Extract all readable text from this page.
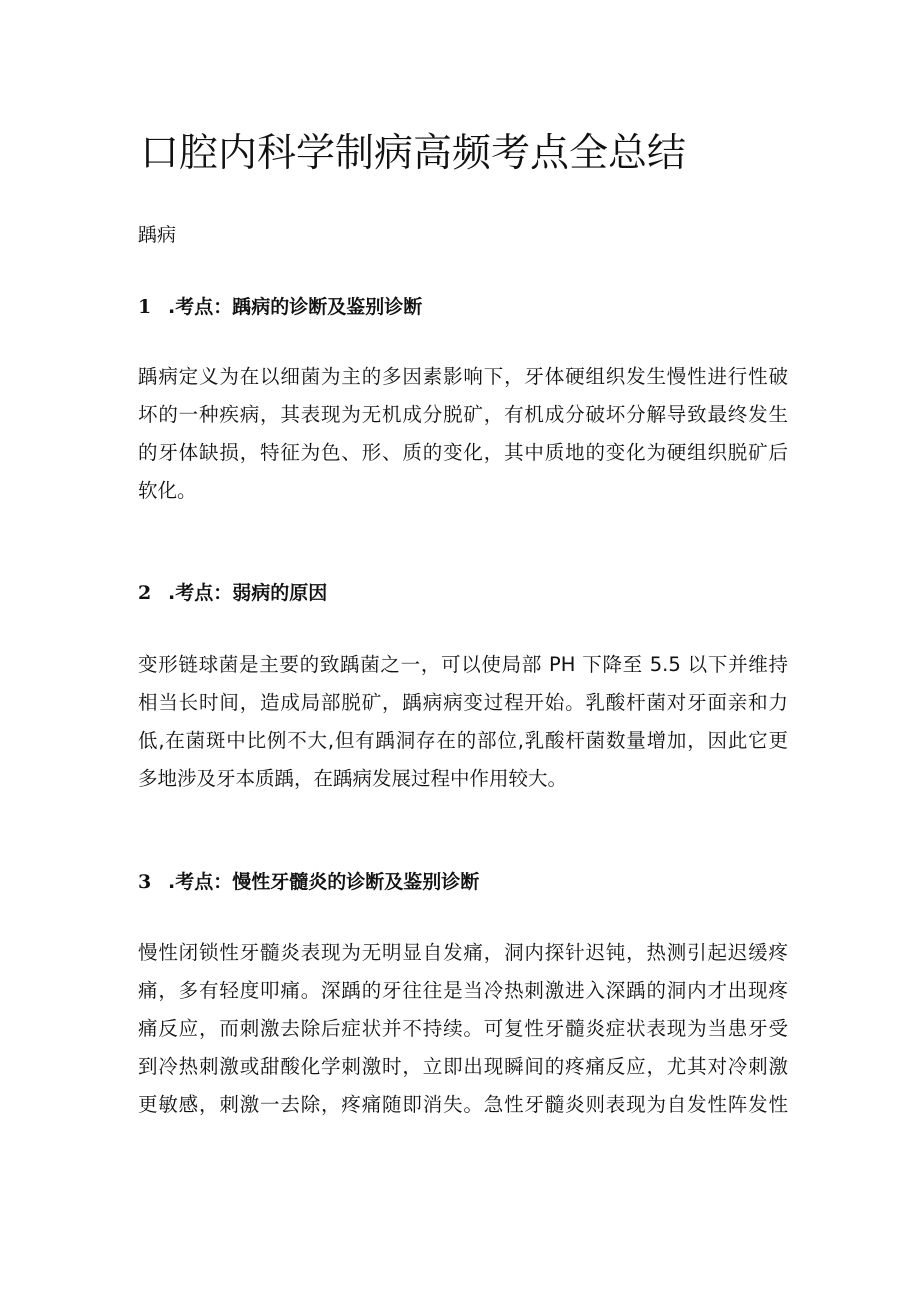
口腔内科学制病高频考点全总结
踽病
1 .考点：踽病的诊断及鉴别诊断
踽病定义为在以细菌为主的多因素影响下，牙体硬组织发生慢性进行性破
坏的一种疾病，其表现为无机成分脱矿，有机成分破坏分解导致最终发生
的牙体缺损，特征为色、形、质的变化，其中质地的变化为硬组织脱矿后
软化。
2 .考点：弱病的原因
变形链球菌是主要的致踽菌之一，可以使局部 PH 下降至 5.5 以下并维持
相当长时间，造成局部脱矿，踽病病变过程开始。乳酸杆菌对牙面亲和力
低,在菌斑中比例不大,但有踽洞存在的部位,乳酸杆菌数量增加，因此它更
多地涉及牙本质踽，在踽病发展过程中作用较大。
3 .考点：慢性牙髓炎的诊断及鉴别诊断
慢性闭锁性牙髓炎表现为无明显自发痛，洞内探针迟钝，热测引起迟缓疼
痛，多有轻度叩痛。深踽的牙往往是当冷热刺激进入深踽的洞内才出现疼
痛反应，而刺激去除后症状并不持续。可复性牙髓炎症状表现为当患牙受
到冷热刺激或甜酸化学刺激时，立即出现瞬间的疼痛反应，尤其对冷刺激
更敏感，刺激一去除，疼痛随即消失。急性牙髓炎则表现为自发性阵发性
